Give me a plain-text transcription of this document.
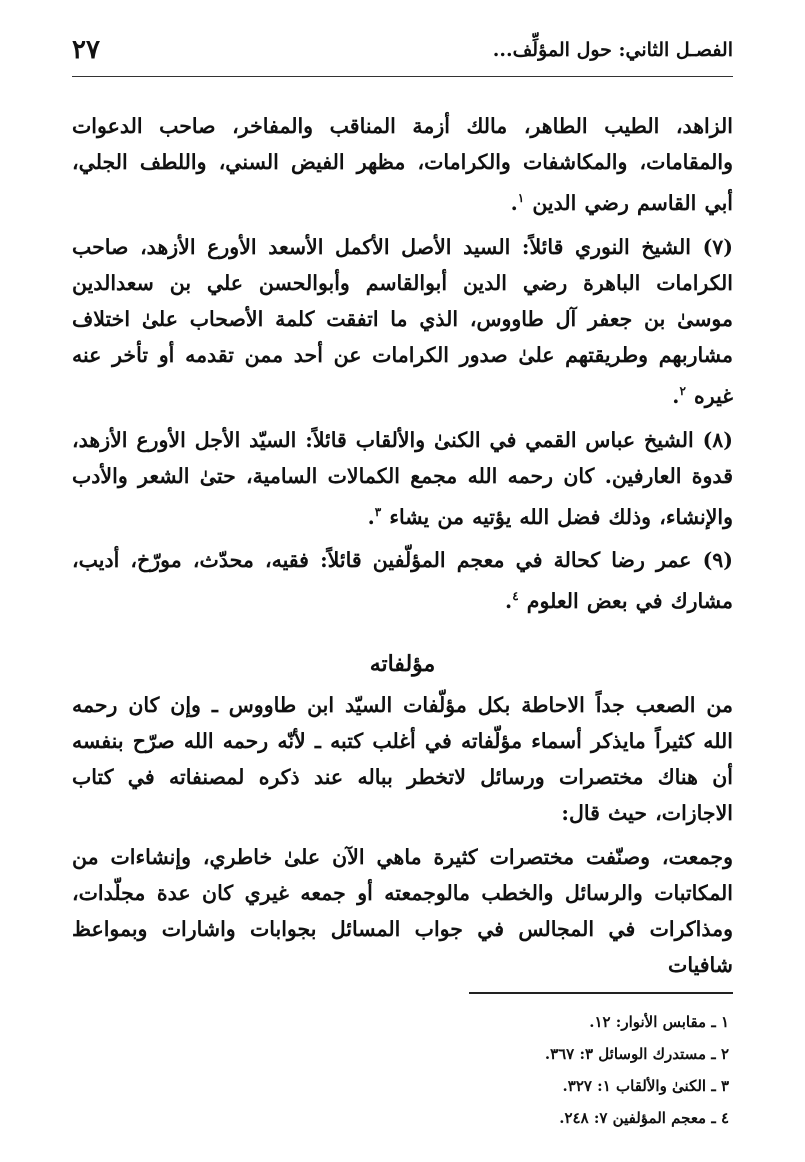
الفصـل الثاني: حول المؤلِّف...
٢٧

الزاهد، الطيب الطاهر، مالك أزمة المناقب والمفاخر، صاحب الدعوات والمقامات، والمكاشفات والكرامات، مظهر الفيض السني، واللطف الجلي، أبي القاسم رضي الدين $^١$.

(٧) الشيخ النوري قائلاً: السيد الأصل الأكمل الأسعد الأورع الأزهد، صاحب الكرامات الباهرة رضي الدين أبوالقاسم وأبوالحسن علي بن سعدالدين موسىٰ بن جعفر آل طاووس، الذي ما اتفقت كلمة الأصحاب علىٰ اختلاف مشاربهم وطريقتهم علىٰ صدور الكرامات عن أحد ممن تقدمه أو تأخر عنه غيره $^٢$.

(٨) الشيخ عباس القمي في الكنىٰ والألقاب قائلاً: السيّد الأجل الأورع الأزهد، قدوة العارفين. كان رحمه الله مجمع الكمالات السامية، حتىٰ الشعر والأدب والإنشاء، وذلك فضل الله يؤتيه من يشاء $^٣$.

(٩) عمر رضا كحالة في معجم المؤلّفين قائلاً: فقيه، محدّث، مورّخ، أديب، مشارك في بعض العلوم $^٤$.

مؤلفاته

من الصعب جداً الاحاطة بكل مؤلّفات السيّد ابن طاووس ـ وإن كان رحمه الله كثيراً مايذكر أسماء مؤلّفاته في أغلب كتبه ـ لأنّه رحمه الله صرّح بنفسه أن هناك مختصرات ورسائل لاتخطر بباله عند ذكره لمصنفاته في كتاب الاجازات، حيث قال:

وجمعت، وصنّفت مختصرات كثيرة ماهي الآن علىٰ خاطري، وإنشاءات من المكاتبات والرسائل والخطب مالوجمعته أو جمعه غيري كان عدة مجلّدات، ومذاكرات في المجالس في جواب المسائل بجوابات واشارات وبمواعظ شافيات

١ ـ مقابس الأنوار: ١٢.
٢ ـ مستدرك الوسائل ٣: ٣٦٧.
٣ ـ الكنىٰ والألقاب ١: ٣٢٧.
٤ ـ معجم المؤلفين ٧: ٢٤٨.
